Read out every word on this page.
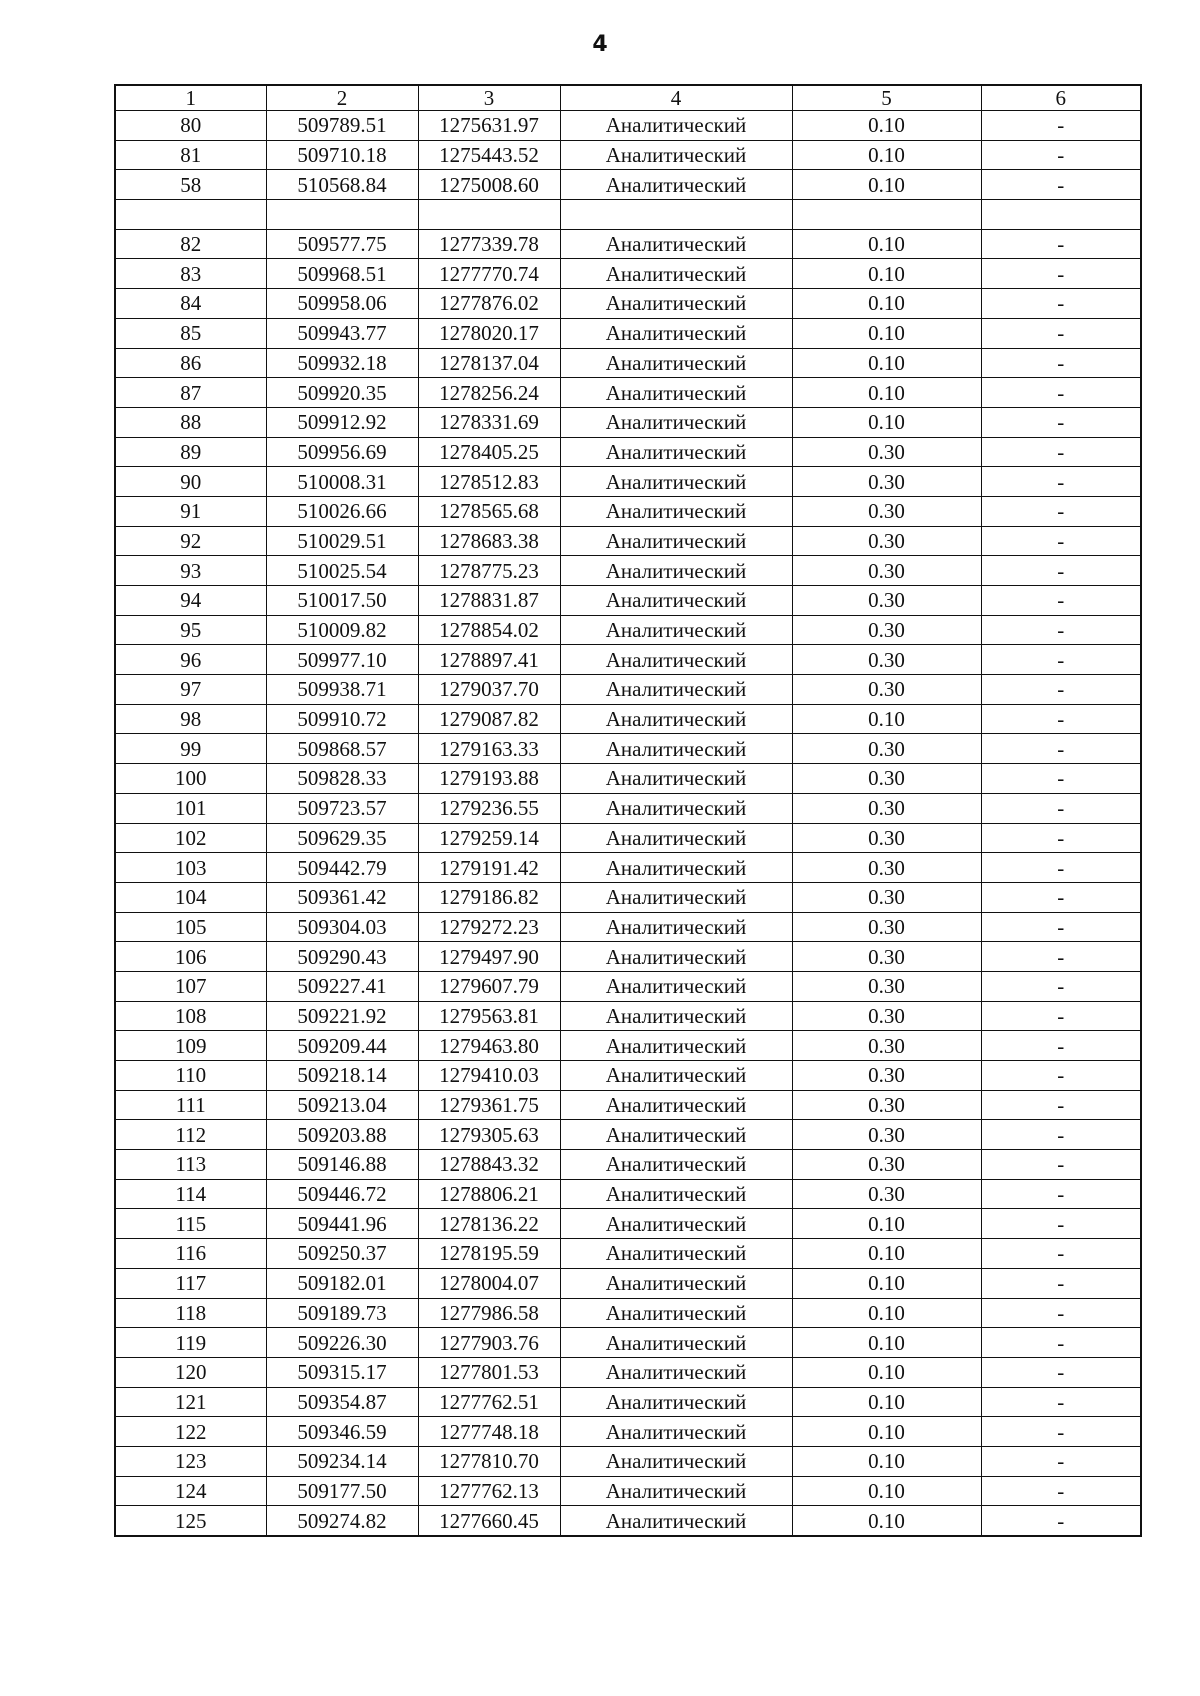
4
1	2	3	4	5	6
80	509789.51	1275631.97	Аналитический	0.10	-
81	509710.18	1275443.52	Аналитический	0.10	-
58	510568.84	1275008.60	Аналитический	0.10	-

82	509577.75	1277339.78	Аналитический	0.10	-
83	509968.51	1277770.74	Аналитический	0.10	-
84	509958.06	1277876.02	Аналитический	0.10	-
85	509943.77	1278020.17	Аналитический	0.10	-
86	509932.18	1278137.04	Аналитический	0.10	-
87	509920.35	1278256.24	Аналитический	0.10	-
88	509912.92	1278331.69	Аналитический	0.10	-
89	509956.69	1278405.25	Аналитический	0.30	-
90	510008.31	1278512.83	Аналитический	0.30	-
91	510026.66	1278565.68	Аналитический	0.30	-
92	510029.51	1278683.38	Аналитический	0.30	-
93	510025.54	1278775.23	Аналитический	0.30	-
94	510017.50	1278831.87	Аналитический	0.30	-
95	510009.82	1278854.02	Аналитический	0.30	-
96	509977.10	1278897.41	Аналитический	0.30	-
97	509938.71	1279037.70	Аналитический	0.30	-
98	509910.72	1279087.82	Аналитический	0.10	-
99	509868.57	1279163.33	Аналитический	0.30	-
100	509828.33	1279193.88	Аналитический	0.30	-
101	509723.57	1279236.55	Аналитический	0.30	-
102	509629.35	1279259.14	Аналитический	0.30	-
103	509442.79	1279191.42	Аналитический	0.30	-
104	509361.42	1279186.82	Аналитический	0.30	-
105	509304.03	1279272.23	Аналитический	0.30	-
106	509290.43	1279497.90	Аналитический	0.30	-
107	509227.41	1279607.79	Аналитический	0.30	-
108	509221.92	1279563.81	Аналитический	0.30	-
109	509209.44	1279463.80	Аналитический	0.30	-
110	509218.14	1279410.03	Аналитический	0.30	-
111	509213.04	1279361.75	Аналитический	0.30	-
112	509203.88	1279305.63	Аналитический	0.30	-
113	509146.88	1278843.32	Аналитический	0.30	-
114	509446.72	1278806.21	Аналитический	0.30	-
115	509441.96	1278136.22	Аналитический	0.10	-
116	509250.37	1278195.59	Аналитический	0.10	-
117	509182.01	1278004.07	Аналитический	0.10	-
118	509189.73	1277986.58	Аналитический	0.10	-
119	509226.30	1277903.76	Аналитический	0.10	-
120	509315.17	1277801.53	Аналитический	0.10	-
121	509354.87	1277762.51	Аналитический	0.10	-
122	509346.59	1277748.18	Аналитический	0.10	-
123	509234.14	1277810.70	Аналитический	0.10	-
124	509177.50	1277762.13	Аналитический	0.10	-
125	509274.82	1277660.45	Аналитический	0.10	-
